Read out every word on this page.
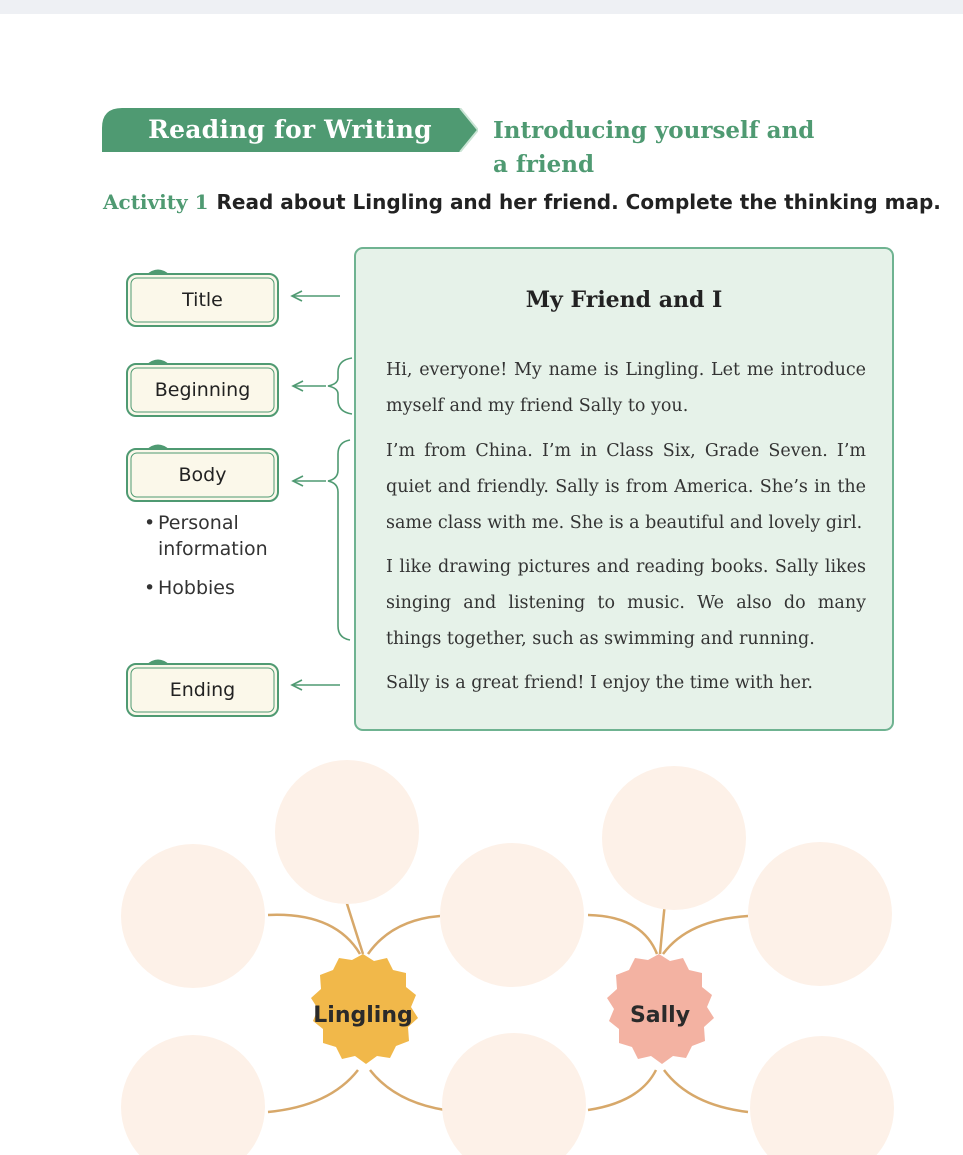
Reading for Writing	Introducing yourself and
a friend
Activity 1 Read about Lingling and her friend. Complete the thinking map.
Title
Beginning
Body
• Personal
information
• Hobbies
Ending
My Friend and I
Hi, everyone! My name is Lingling. Let me introduce myself and my friend Sally to you.
I’m from China. I’m in Class Six, Grade Seven. I’m quiet and friendly. Sally is from America. She’s in the same class with me. She is a beautiful and lovely girl.
I like drawing pictures and reading books. Sally likes singing and listening to music. We also do many things together, such as swimming and running.
Sally is a great friend! I enjoy the time with her.
Lingling	Sally
